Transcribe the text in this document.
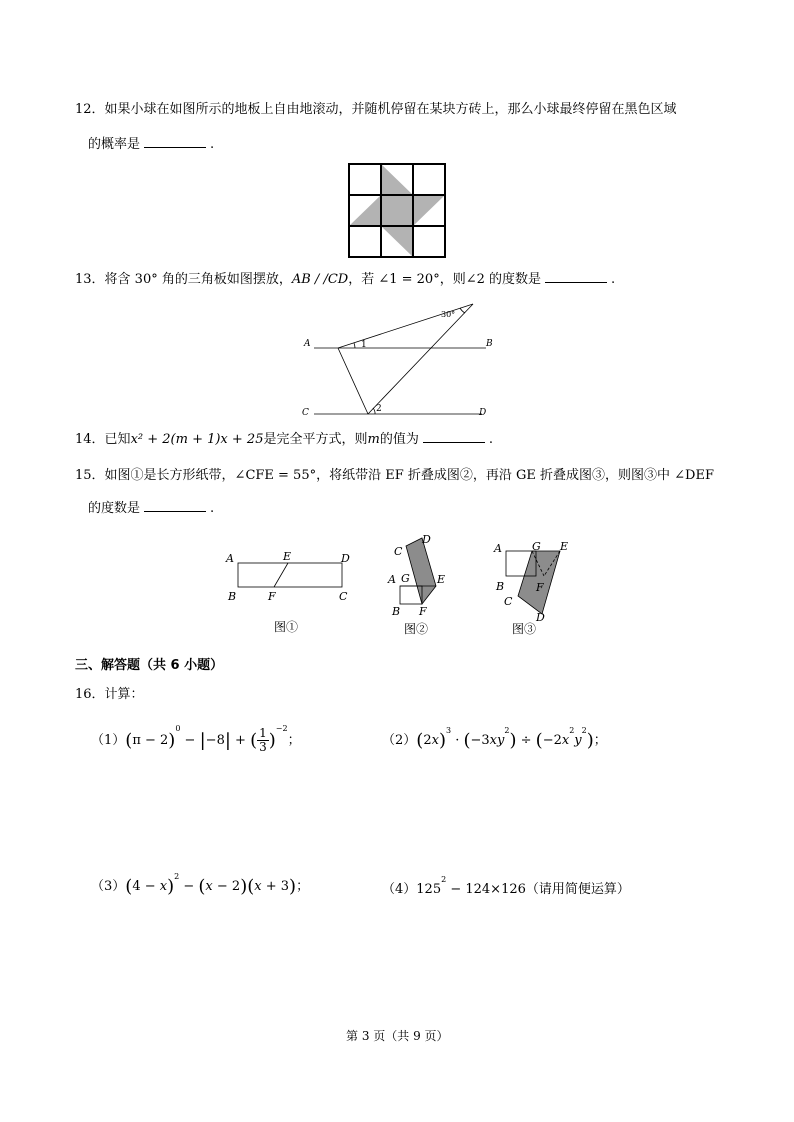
12．如果小球在如图所示的地板上自由地滚动，并随机停留在某块方砖上，那么小球最终停留在黑色区域
的概率是	.
13．将含 30° 角的三角板如图摆放，AB / /CD，若 ∠1 = 20°，则∠2 的度数是	.
A	B
C	D
1
2
30°
14．已知x² + 2(m + 1)x + 25是完全平方式，则m的值为	.
15．如图①是长方形纸带，∠CFE = 55°，将纸带沿 EF 折叠成图②，再沿 GE 折叠成图③，则图③中 ∠DEF
的度数是	.
A	E	D
B	F	C
图①
C
D
A G E
B F
图②
A	G E
B	F
C
D
图③
三、解答题（共 6 小题）
16．计算：
$(1)(\pi - 2)^0 - |-8|$ + ( $\frac{1}{3} )^{-2}$；	$(2)(2x)^3 \cdot (-3xy^2) \div (-2x^2y^2)$；
$(3)(4 - x)^2 - (x - 2)(x + 3)$；	$(4)125^2 - 124\times 126$（请用简便运算）
第 3 页（共 9 页）
